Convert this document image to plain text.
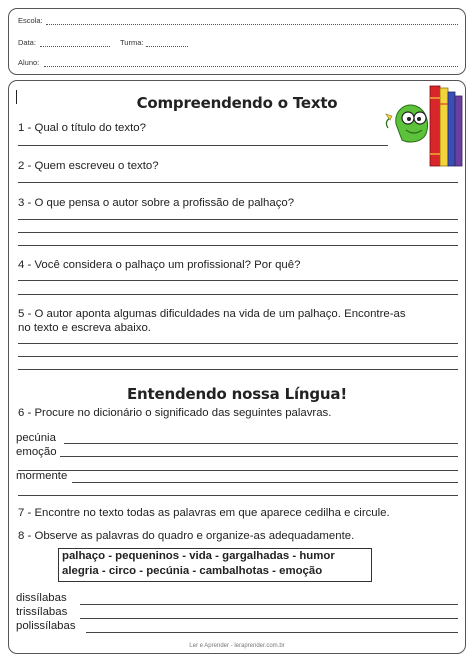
Escola:
Data:	Turma:
Aluno:
Compreendendo o Texto
1 - Qual o título do texto?
2 - Quem escreveu o texto?
3 - O que pensa o autor sobre a profissão de palhaço?
4 - Você considera o palhaço um profissional? Por quê?
5 - O autor aponta algumas dificuldades na vida de um palhaço. Encontre-as
no texto e escreva abaixo.
Entendendo nossa Língua!
6 - Procure no dicionário o significado das seguintes palavras.
pecúnia
emoção
mormente
7 - Encontre no texto todas as palavras em que aparece cedilha e circule.
8 - Observe as palavras do quadro e organize-as adequadamente.
palhaço - pequeninos - vida - gargalhadas - humor
alegria - circo - pecúnia - cambalhotas - emoção
dissílabas
trissílabas
polissílabas
Ler e Aprender - leraprender.com.br
